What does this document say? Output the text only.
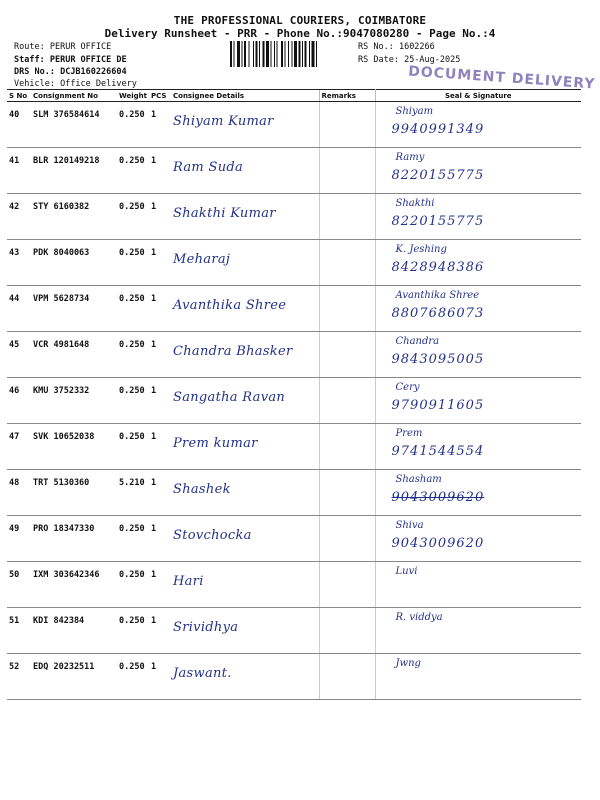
THE PROFESSIONAL COURIERS, COIMBATORE
Delivery Runsheet - PRR - Phone No.:9047080280 - Page No.:4
Route: PERUR OFFICE
Staff: PERUR OFFICE DE
DRS No.: DCJB160226604
Vehicle: Office Delivery
RS No.: 1602266
RS Date: 25-Aug-2025
DOCUMENT DELIVERY
S No	Consignment No	Weight	PCS	Consignee Details	Remarks	Seal & Signature
40	SLM 376584614	0.250	1	Shiyam Kumar		Shiyam
9940991349

41	BLR 120149218	0.250	1	Ram Suda		Ramy
8220155775

42	STY 6160382	0.250	1	Shakthi Kumar		Shakthi
8220155775

43	PDK 8040063	0.250	1	Meharaj		K. Jeshing
8428948386

44	VPM 5628734	0.250	1	Avanthika Shree		Avanthika Shree
8807686073

45	VCR 4981648	0.250	1	Chandra Bhasker		Chandra
9843095005

46	KMU 3752332	0.250	1	Sangatha Ravan		Cery
9790911605

47	SVK 10652038	0.250	1	Prem kumar		Prem
9741544554

48	TRT 5130360	5.210	1	Shashek		Shasham
9043009620

49	PRO 18347330	0.250	1	Stovchocka		Shiva
9043009620

50	IXM 303642346	0.250	1	Hari		Luvi

51	KDI 842384	0.250	1	Srividhya		R. viddya

52	EDQ 20232511	0.250	1	Jaswant.		Jwng
